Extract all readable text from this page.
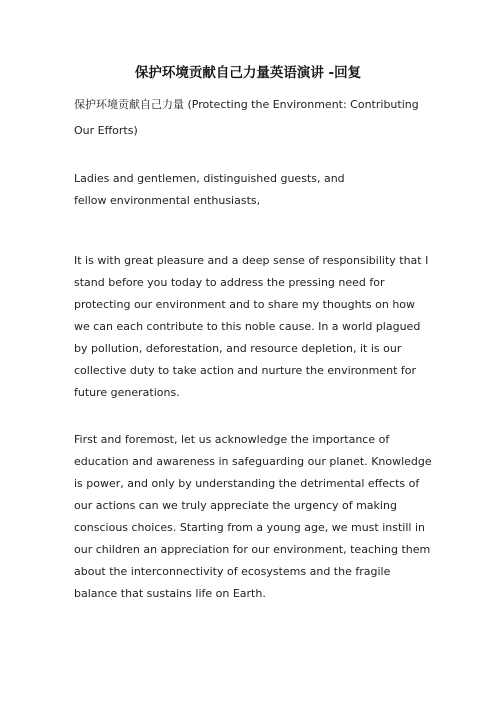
保护环境贡献自己力量英语演讲 -回复
保护环境贡献自己力量 (Protecting the Environment: Contributing Our Efforts)

Ladies and gentlemen, distinguished guests, and fellow environmental enthusiasts,

It is with great pleasure and a deep sense of responsibility that I stand before you today to address the pressing need for protecting our environment and to share my thoughts on how we can each contribute to this noble cause. In a world plagued by pollution, deforestation, and resource depletion, it is our collective duty to take action and nurture the environment for future generations.

First and foremost, let us acknowledge the importance of education and awareness in safeguarding our planet. Knowledge is power, and only by understanding the detrimental effects of our actions can we truly appreciate the urgency of making conscious choices. Starting from a young age, we must instill in our children an appreciation for our environment, teaching them about the interconnectivity of ecosystems and the fragile balance that sustains life on Earth.
